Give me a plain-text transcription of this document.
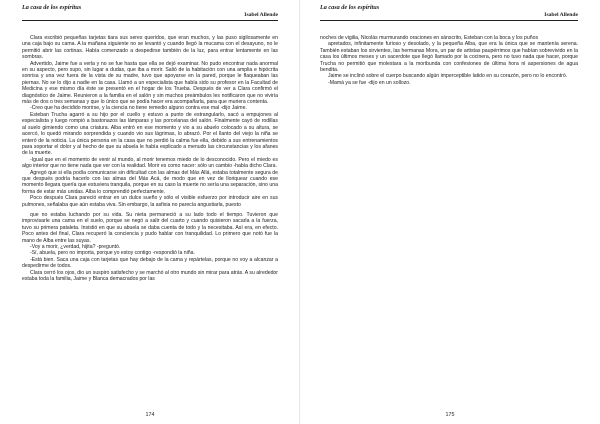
La casa de los espíritus
Isabel Allende

Clara escribió pequeñas tarjetas tiara sus seres queridos, que eran muchos, y las puso sigilosamente en una caja bajo su cama. A la mañana siguiente no se levantó y cuando llegó la mucama con el desayuno, no le permitió abrir las cortinas. Había comenzado a despedirse también de la luz, para entrar lentamente en las sombras.

Advertido, Jaime fue a verla y no se fue hasta que ella se dejó examinar. No pudo encontrar nada anormal en su aspecto, pero supo, sin lugar a dudas, que iba a morir. Salió de la habitación con una amplia e hipócrita sonrisa y una vez fuera de la vista de su madre, tuvo que apoyarse en la pared, porque le flaqueaban las piernas. No se lo dijo a nadie en la casa. Llamó a un especialista que había sido su profesor en la Facultad de Medicina y ese mismo día éste se presentó en el hogar de los Trueba. Después de ver a Clara confirmó el diagnóstico de Jaime. Reunieron a la familia en el salón y sin muchos preámbulos les notificaron que no viviría más de dos o tres semanas y que lo único que se podía hacer era acompañarla, para que muriera contenta.

-Creo que ha decidido morirse, y la ciencia no tiene remedio alguno contra ese mal -dijo Jaime.

Esteban Trucha agarró a su hijo por el cuello y estuvo a punto de estrangularlo, sacó a empujones al especialista y luego rompió a bastonazos las lámparas y las porcelanas del salón. Finalmente cayó de rodillas al suelo gimiendo como una criatura. Alba entró en ese momento y vio a su abuelo colocado a su altura, se acercó, lo quedó mirando sorprendida y cuando vio sus lágrimas, lo abrazó. Por el llanto del viejo la niña se enteró de la noticia. La única persona en la casa que no perdió la calma fue ella, debido a sus entrenamientos para soportar el dolor y al hecho de que su abuela le había explicado a menudo las circunstancias y los afanes de la muerte.

-Igual que en el momento de venir al mundo, al morir tenemos miedo de lo desconocido. Pero el miedo es algo interior que no tiene nada que ver con la realidad. Morir es como nacer: sólo un cambio -había dicho Clara.

Agregó que si ella podía comunicarse sin dificultad con las almas del Más Allá, estaba totalmente segura de que después podría hacerlo con las almas del Más Acá, de modo que en vez de lloriquear cuando ese momento llegara quería que estuviera tranquila, porque en su caso la muerte no sería una separación, sino una forma de estar más unidas. Alba lo comprendió perfectamente.

Poco después Clara pareció entrar en un dulce sueño y sólo el visible esfuerzo por introducir aire en sus pulmones, señalaba que aún estaba viva. Sin embargo, la asfixia no parecía angustiarla, puesto

que no estaba luchando por su vida. Su nieta permaneció a su lado todo el tiempo. Tuvieron que improvisarle una cama en el suelo, porque se negó a salir del cuarto y cuando quisieron sacarla a la fuerza, tuvo su primera pataleta. Insistió en que su abuela se daba cuenta de todo y la necesitaba. Así era, en efecto. Poco antes del final, Clara recuperó la conciencia y pudo hablar con tranquilidad. Lo primero que notó fue la mano de Alba entre las suyas.

-Voy a morir, ¿verdad, hijita? -preguntó.

-Sí, abuela, pero no importa, porque yo estoy contigo -respondió la niña.

-Está bien. Saca una caja con tarjetas que hay debajo de la cama y repártelas, porque no voy a alcanzar a despedirme de todos.

Clara cerró los ojos, dio un suspiro satisfecho y se marchó al otro mundo sin mirar para atrás. A su alrededor estaba toda la familia, Jaime y Blanca demacrados por las

174
La casa de los espíritus
Isabel Allende

noches de vigilia, Nicolás murmurando oraciones en sánscrito, Esteban con la boca y los puños

apretados, infinitamente furioso y desolado, y la pequeña Alba, que era la única que se mantenía serena. También estaban los sirvientes, las hermanas Mora, un par de artistas paupérrimos que habían sobrevivido en la casa los últimos meses y un sacerdote que llegó llamado por la cocinera, pero no tuvo nada que hacer, porque Trucha no permitió que molestara a la moribunda con confesiones de última hora ni aspersiones de agua bendita.

Jaime se inclinó sobre el cuerpo buscando algún imperceptible latido en su corazón, pero no lo encontró.

-Mamá ya se fue -dijo en un sollozo.

175
